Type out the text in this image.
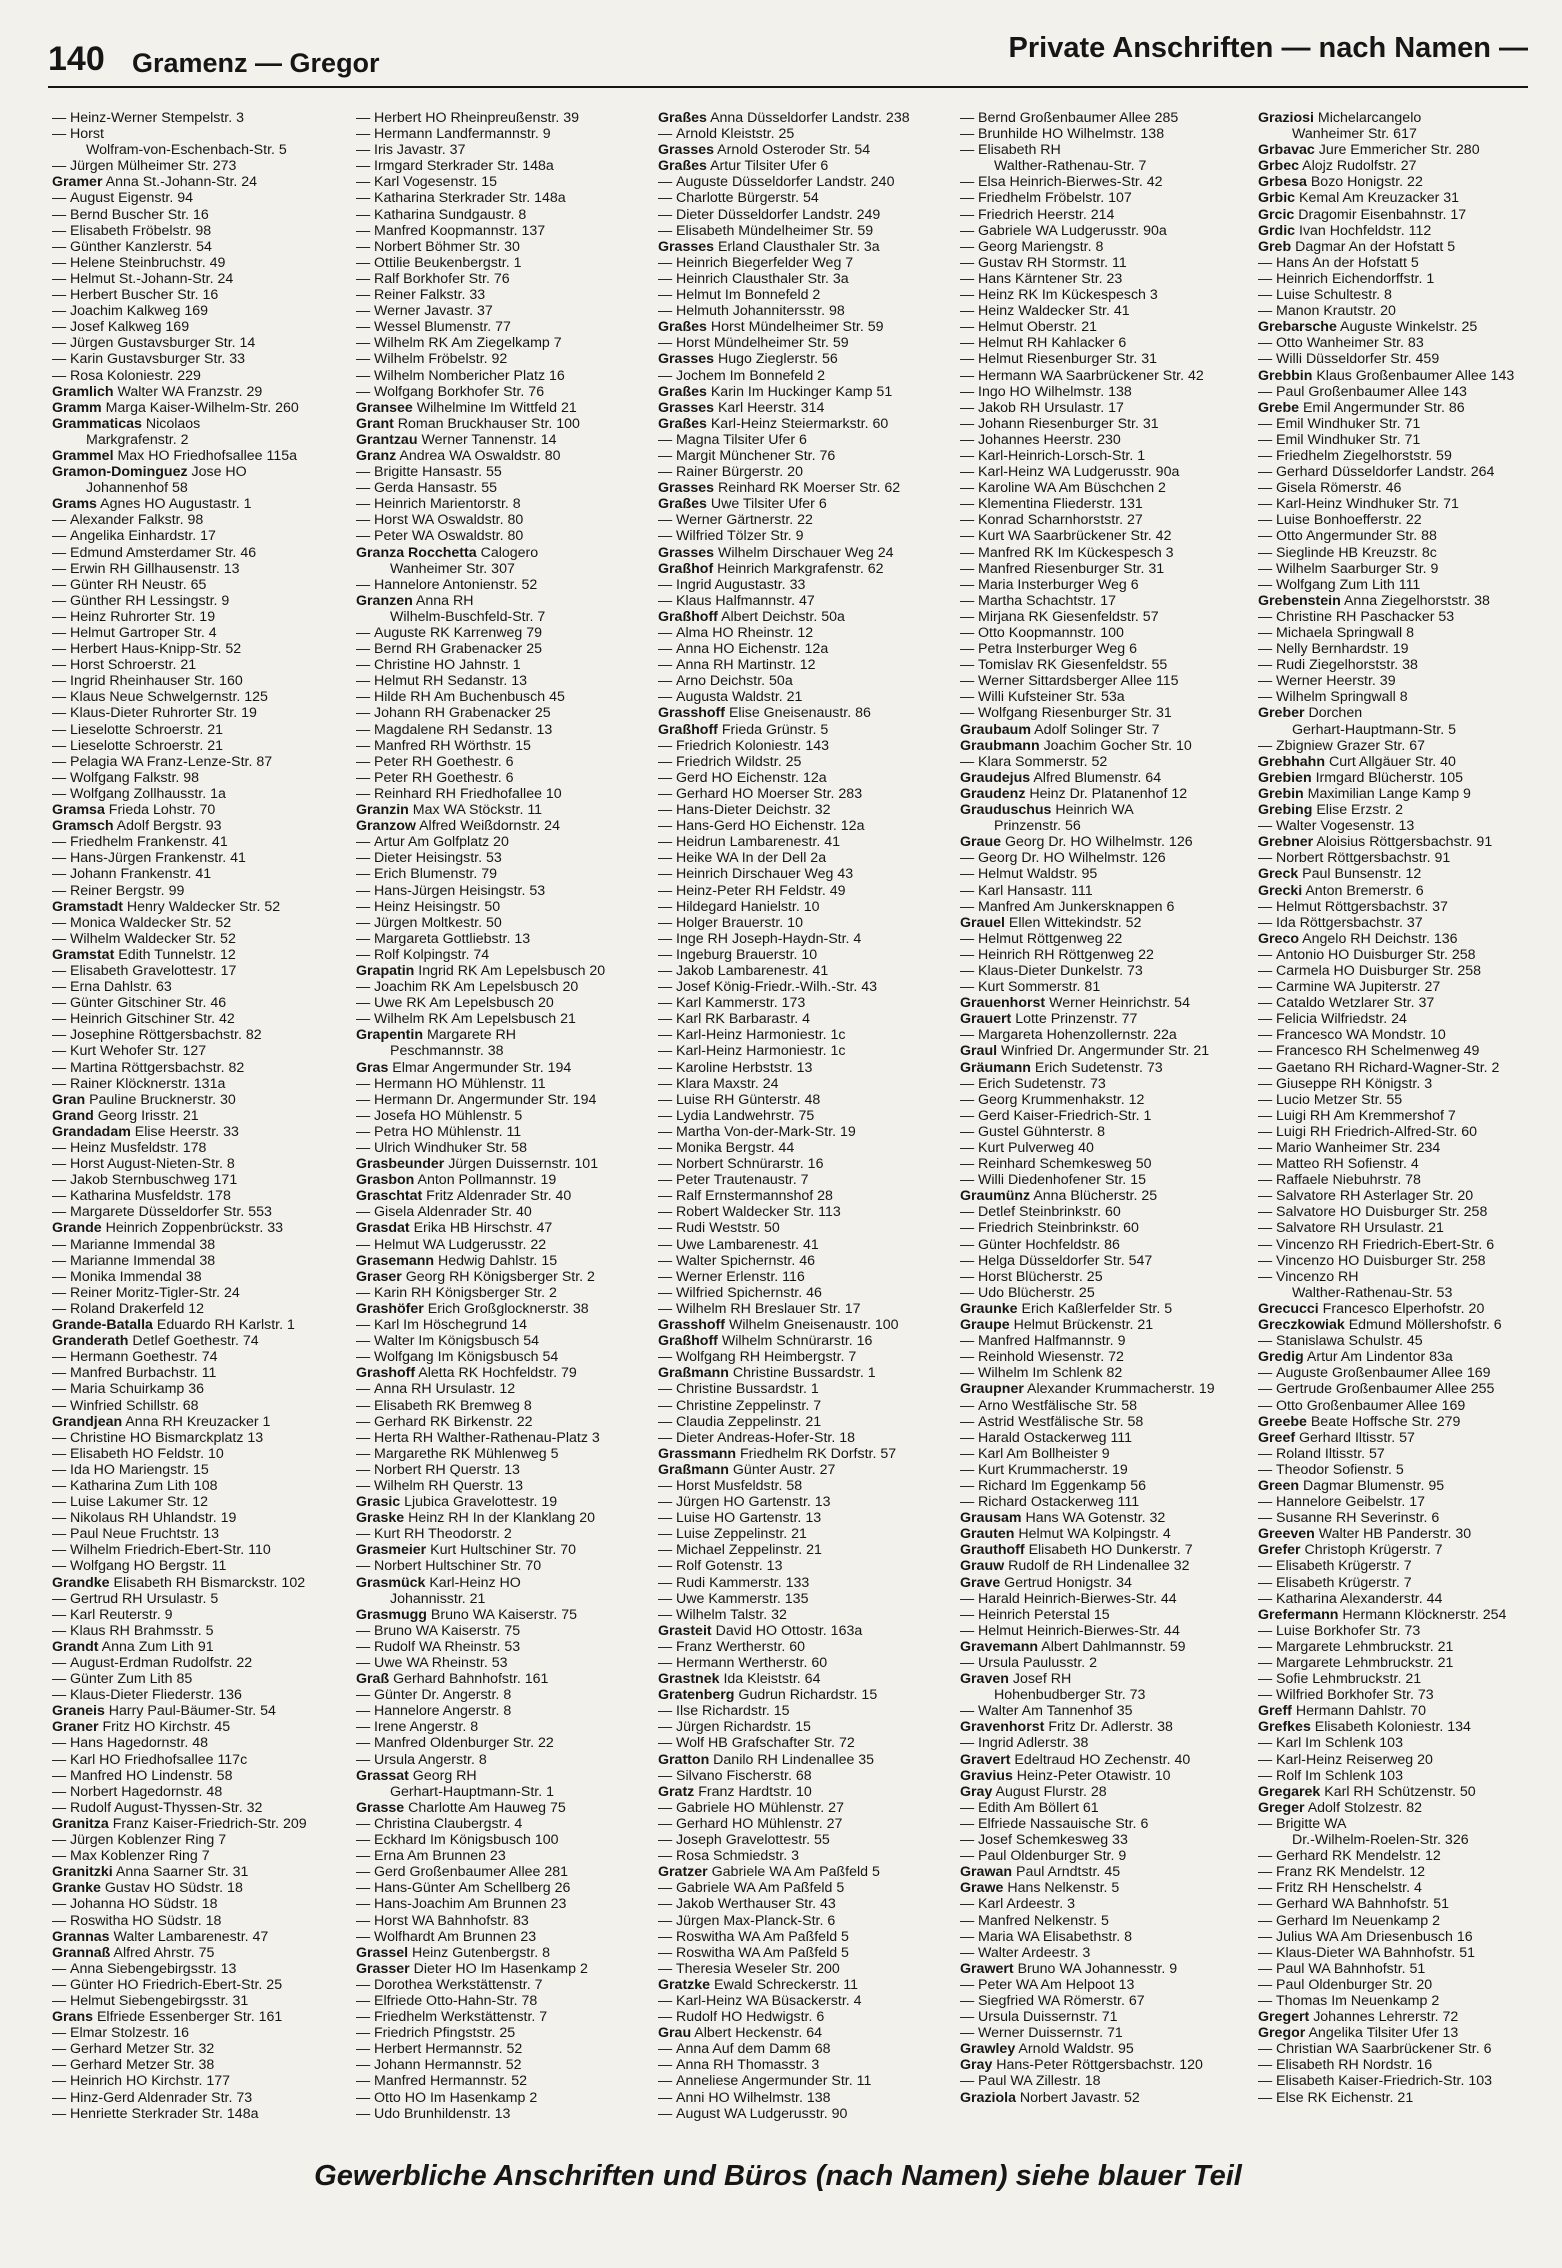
140 Gramenz — Gregor	Private Anschriften — nach Namen —
— Heinz-Werner Stempelstr. 3
— Horst
Wolfram-von-Eschenbach-Str. 5
— Jürgen Mülheimer Str. 273
Gramer Anna St.-Johann-Str. 24
— August Eigenstr. 94
— Bernd Buscher Str. 16
— Elisabeth Fröbelstr. 98
— Günther Kanzlerstr. 54
— Helene Steinbruchstr. 49
— Helmut St.-Johann-Str. 24
— Herbert Buscher Str. 16
— Joachim Kalkweg 169
— Josef Kalkweg 169
— Jürgen Gustavsburger Str. 14
— Karin Gustavsburger Str. 33
— Rosa Koloniestr. 229
Gramlich Walter WA Franzstr. 29
Gramm Marga Kaiser-Wilhelm-Str. 260
Grammaticas Nicolaos
Markgrafenstr. 2
Grammel Max HO Friedhofsallee 115a
Gramon-Dominguez Jose HO
Johannenhof 58
Grams Agnes HO Augustastr. 1
— Alexander Falkstr. 98
— Angelika Einhardstr. 17
— Edmund Amsterdamer Str. 46
— Erwin RH Gillhausenstr. 13
— Günter RH Neustr. 65
— Günther RH Lessingstr. 9
— Heinz Ruhrorter Str. 19
— Helmut Gartroper Str. 4
— Herbert Haus-Knipp-Str. 52
— Horst Schroerstr. 21
— Ingrid Rheinhauser Str. 160
— Klaus Neue Schwelgernstr. 125
— Klaus-Dieter Ruhrorter Str. 19
— Lieselotte Schroerstr. 21
— Lieselotte Schroerstr. 21
— Pelagia WA Franz-Lenze-Str. 87
— Wolfgang Falkstr. 98
— Wolfgang Zollhausstr. 1a
Gramsa Frieda Lohstr. 70
Gramsch Adolf Bergstr. 93
— Friedhelm Frankenstr. 41
— Hans-Jürgen Frankenstr. 41
— Johann Frankenstr. 41
— Reiner Bergstr. 99
Gramstadt Henry Waldecker Str. 52
— Monica Waldecker Str. 52
— Wilhelm Waldecker Str. 52
Gramstat Edith Tunnelstr. 12
— Elisabeth Gravelottestr. 17
— Erna Dahlstr. 63
— Günter Gitschiner Str. 46
— Heinrich Gitschiner Str. 42
— Josephine Röttgersbachstr. 82
— Kurt Wehofer Str. 127
— Martina Röttgersbachstr. 82
— Rainer Klöcknerstr. 131a
Gran Pauline Brucknerstr. 30
Grand Georg Irisstr. 21
Grandadam Elise Heerstr. 33
— Heinz Musfeldstr. 178
— Horst August-Nieten-Str. 8
— Jakob Sternbuschweg 171
— Katharina Musfeldstr. 178
— Margarete Düsseldorfer Str. 553
Grande Heinrich Zoppenbrückstr. 33
— Marianne Immendal 38
— Marianne Immendal 38
— Monika Immendal 38
— Reiner Moritz-Tigler-Str. 24
— Roland Drakerfeld 12
Grande-Batalla Eduardo RH Karlstr. 1
Granderath Detlef Goethestr. 74
— Hermann Goethestr. 74
— Manfred Burbachstr. 11
— Maria Schuirkamp 36
— Winfried Schillstr. 68
Grandjean Anna RH Kreuzacker 1
— Christine HO Bismarckplatz 13
— Elisabeth HO Feldstr. 10
— Ida HO Mariengstr. 15
— Katharina Zum Lith 108
— Luise Lakumer Str. 12
— Nikolaus RH Uhlandstr. 19
— Paul Neue Fruchtstr. 13
— Wilhelm Friedrich-Ebert-Str. 110
— Wolfgang HO Bergstr. 11
Grandke Elisabeth RH Bismarckstr. 102
— Gertrud RH Ursulastr. 5
— Karl Reuterstr. 9
— Klaus RH Brahmsstr. 5
Grandt Anna Zum Lith 91
— August-Erdman Rudolfstr. 22
— Günter Zum Lith 85
— Klaus-Dieter Fliederstr. 136
Graneis Harry Paul-Bäumer-Str. 54
Graner Fritz HO Kirchstr. 45
— Hans Hagedornstr. 48
— Karl HO Friedhofsallee 117c
— Manfred HO Lindenstr. 58
— Norbert Hagedornstr. 48
— Rudolf August-Thyssen-Str. 32
Granitza Franz Kaiser-Friedrich-Str. 209
— Jürgen Koblenzer Ring 7
— Max Koblenzer Ring 7
Granitzki Anna Saarner Str. 31
Granke Gustav HO Südstr. 18
— Johanna HO Südstr. 18
— Roswitha HO Südstr. 18
Grannas Walter Lambarenestr. 47
Grannaß Alfred Ahrstr. 75
— Anna Siebengebirgsstr. 13
— Günter HO Friedrich-Ebert-Str. 25
— Helmut Siebengebirgsstr. 31
Grans Elfriede Essenberger Str. 161
— Elmar Stolzestr. 16
— Gerhard Metzer Str. 32
— Gerhard Metzer Str. 38
— Heinrich HO Kirchstr. 177
— Hinz-Gerd Aldenrader Str. 73
— Henriette Sterkrader Str. 148a
— Herbert HO Rheinpreußenstr. 39
— Hermann Landfermannstr. 9
— Iris Javastr. 37
— Irmgard Sterkrader Str. 148a
— Karl Vogesenstr. 15
— Katharina Sterkrader Str. 148a
— Katharina Sundgaustr. 8
— Manfred Koopmannstr. 137
— Norbert Böhmer Str. 30
— Ottilie Beukenbergstr. 1
— Ralf Borkhofer Str. 76
— Reiner Falkstr. 33
— Werner Javastr. 37
— Wessel Blumenstr. 77
— Wilhelm RK Am Ziegelkamp 7
— Wilhelm Fröbelstr. 92
— Wilhelm Nombericher Platz 16
— Wolfgang Borkhofer Str. 76
Gransee Wilhelmine Im Wittfeld 21
Grant Roman Bruckhauser Str. 100
Grantzau Werner Tannenstr. 14
Granz Andrea WA Oswaldstr. 80
— Brigitte Hansastr. 55
— Gerda Hansastr. 55
— Heinrich Marientorstr. 8
— Horst WA Oswaldstr. 80
— Peter WA Oswaldstr. 80
Granza Rocchetta Calogero
Wanheimer Str. 307
— Hannelore Antonienstr. 52
Granzen Anna RH
Wilhelm-Buschfeld-Str. 7
— Auguste RK Karrenweg 79
— Bernd RH Grabenacker 25
— Christine HO Jahnstr. 1
— Helmut RH Sedanstr. 13
— Hilde RH Am Buchenbusch 45
— Johann RH Grabenacker 25
— Magdalene RH Sedanstr. 13
— Manfred RH Wörthstr. 15
— Peter RH Goethestr. 6
— Peter RH Goethestr. 6
— Reinhard RH Friedhofallee 10
Granzin Max WA Stöckstr. 11
Granzow Alfred Weißdornstr. 24
— Artur Am Golfplatz 20
— Dieter Heisingstr. 53
— Erich Blumenstr. 79
— Hans-Jürgen Heisingstr. 53
— Heinz Heisingstr. 50
— Jürgen Moltkestr. 50
— Margareta Gottliebstr. 13
— Rolf Kolpingstr. 74
Grapatin Ingrid RK Am Lepelsbusch 20
— Joachim RK Am Lepelsbusch 20
— Uwe RK Am Lepelsbusch 20
— Wilhelm RK Am Lepelsbusch 21
Grapentin Margarete RH
Peschmannstr. 38
Gras Elmar Angermunder Str. 194
— Hermann HO Mühlenstr. 11
— Hermann Dr. Angermunder Str. 194
— Josefa HO Mühlenstr. 5
— Petra HO Mühlenstr. 11
— Ulrich Windhuker Str. 58
Grasbeunder Jürgen Duissernstr. 101
Grasbon Anton Pollmannstr. 19
Graschtat Fritz Aldenrader Str. 40
— Gisela Aldenrader Str. 40
Grasdat Erika HB Hirschstr. 47
— Helmut WA Ludgerusstr. 22
Grasemann Hedwig Dahlstr. 15
Graser Georg RH Königsberger Str. 2
— Karin RH Königsberger Str. 2
Grashöfer Erich Großglocknerstr. 38
— Karl Im Höschegrund 14
— Walter Im Königsbusch 54
— Wolfgang Im Königsbusch 54
Grashoff Aletta RK Hochfeldstr. 79
— Anna RH Ursulastr. 12
— Elisabeth RK Bremweg 8
— Gerhard RK Birkenstr. 22
— Herta RH Walther-Rathenau-Platz 3
— Margarethe RK Mühlenweg 5
— Norbert RH Querstr. 13
— Wilhelm RH Querstr. 13
Grasic Ljubica Gravelottestr. 19
Graske Heinz RH In der Klanklang 20
— Kurt RH Theodorstr. 2
Grasmeier Kurt Hultschiner Str. 70
— Norbert Hultschiner Str. 70
Grasmück Karl-Heinz HO
Johannisstr. 21
Grasmugg Bruno WA Kaiserstr. 75
— Bruno WA Kaiserstr. 75
— Rudolf WA Rheinstr. 53
— Uwe WA Rheinstr. 53
Graß Gerhard Bahnhofstr. 161
— Günter Dr. Angerstr. 8
— Hannelore Angerstr. 8
— Irene Angerstr. 8
— Manfred Oldenburger Str. 22
— Ursula Angerstr. 8
Grassat Georg RH
Gerhart-Hauptmann-Str. 1
Grasse Charlotte Am Hauweg 75
— Christina Claubergstr. 4
— Eckhard Im Königsbusch 100
— Erna Am Brunnen 23
— Gerd Großenbaumer Allee 281
— Hans-Günter Am Schellberg 26
— Hans-Joachim Am Brunnen 23
— Horst WA Bahnhofstr. 83
— Wolfhardt Am Brunnen 23
Grassel Heinz Gutenbergstr. 8
Grasser Dieter HO Im Hasenkamp 2
— Dorothea Werkstättenstr. 7
— Elfriede Otto-Hahn-Str. 78
— Friedhelm Werkstättenstr. 7
— Friedrich Pfingststr. 25
— Herbert Hermannstr. 52
— Johann Hermannstr. 52
— Manfred Hermannstr. 52
— Otto HO Im Hasenkamp 2
— Udo Brunhildenstr. 13
Graßes Anna Düsseldorfer Landstr. 238
— Arnold Kleiststr. 25
Grasses Arnold Osteroder Str. 54
Graßes Artur Tilsiter Ufer 6
— Auguste Düsseldorfer Landstr. 240
— Charlotte Bürgerstr. 54
— Dieter Düsseldorfer Landstr. 249
— Elisabeth Mündelheimer Str. 59
Grasses Erland Clausthaler Str. 3a
— Heinrich Biegerfelder Weg 7
— Heinrich Clausthaler Str. 3a
— Helmut Im Bonnefeld 2
— Helmuth Johannitersstr. 98
Graßes Horst Mündelheimer Str. 59
— Horst Mündelheimer Str. 59
Grasses Hugo Zieglerstr. 56
— Jochem Im Bonnefeld 2
Graßes Karin Im Huckinger Kamp 51
Grasses Karl Heerstr. 314
Graßes Karl-Heinz Steiermarkstr. 60
— Magna Tilsiter Ufer 6
— Margit Münchener Str. 76
— Rainer Bürgerstr. 20
Grasses Reinhard RK Moerser Str. 62
Graßes Uwe Tilsiter Ufer 6
— Werner Gärtnerstr. 22
— Wilfried Tölzer Str. 9
Grasses Wilhelm Dirschauer Weg 24
Graßhof Heinrich Markgrafenstr. 62
— Ingrid Augustastr. 33
— Klaus Halfmannstr. 47
Graßhoff Albert Deichstr. 50a
— Alma HO Rheinstr. 12
— Anna HO Eichenstr. 12a
— Anna RH Martinstr. 12
— Arno Deichstr. 50a
— Augusta Waldstr. 21
Grasshoff Elise Gneisenaustr. 86
Graßhoff Frieda Grünstr. 5
— Friedrich Koloniestr. 143
— Friedrich Wildstr. 25
— Gerd HO Eichenstr. 12a
— Gerhard HO Moerser Str. 283
— Hans-Dieter Deichstr. 32
— Hans-Gerd HO Eichenstr. 12a
— Heidrun Lambarenestr. 41
— Heike WA In der Dell 2a
— Heinrich Dirschauer Weg 43
— Heinz-Peter RH Feldstr. 49
— Hildegard Hanielstr. 10
— Holger Brauerstr. 10
— Inge RH Joseph-Haydn-Str. 4
— Ingeburg Brauerstr. 10
— Jakob Lambarenestr. 41
— Josef König-Friedr.-Wilh.-Str. 43
— Karl Kammerstr. 173
— Karl RK Barbarastr. 4
— Karl-Heinz Harmoniestr. 1c
— Karl-Heinz Harmoniestr. 1c
— Karoline Herbststr. 13
— Klara Maxstr. 24
— Luise RH Günterstr. 48
— Lydia Landwehrstr. 75
— Martha Von-der-Mark-Str. 19
— Monika Bergstr. 44
— Norbert Schnürarstr. 16
— Peter Trautenaustr. 7
— Ralf Ernstermannshof 28
— Robert Waldecker Str. 113
— Rudi Weststr. 50
— Uwe Lambarenestr. 41
— Walter Spichernstr. 46
— Werner Erlenstr. 116
— Wilfried Spichernstr. 46
— Wilhelm RH Breslauer Str. 17
Grasshoff Wilhelm Gneisenaustr. 100
Graßhoff Wilhelm Schnürarstr. 16
— Wolfgang RH Heimbergstr. 7
Graßmann Christine Bussardstr. 1
— Christine Bussardstr. 1
— Christine Zeppelinstr. 7
— Claudia Zeppelinstr. 21
— Dieter Andreas-Hofer-Str. 18
Grassmann Friedhelm RK Dorfstr. 57
Graßmann Günter Austr. 27
— Horst Musfeldstr. 58
— Jürgen HO Gartenstr. 13
— Luise HO Gartenstr. 13
— Luise Zeppelinstr. 21
— Michael Zeppelinstr. 21
— Rolf Gotenstr. 13
— Rudi Kammerstr. 133
— Uwe Kammerstr. 135
— Wilhelm Talstr. 32
Grasteit David HO Ottostr. 163a
— Franz Wertherstr. 60
— Hermann Wertherstr. 60
Grastnek Ida Kleiststr. 64
Gratenberg Gudrun Richardstr. 15
— Ilse Richardstr. 15
— Jürgen Richardstr. 15
— Wolf HB Grafschafter Str. 72
Gratton Danilo RH Lindenallee 35
— Silvano Fischerstr. 68
Gratz Franz Hardtstr. 10
— Gabriele HO Mühlenstr. 27
— Gerhard HO Mühlenstr. 27
— Joseph Gravelottestr. 55
— Rosa Schmiedstr. 3
Gratzer Gabriele WA Am Paßfeld 5
— Gabriele WA Am Paßfeld 5
— Jakob Werthauser Str. 43
— Jürgen Max-Planck-Str. 6
— Roswitha WA Am Paßfeld 5
— Roswitha WA Am Paßfeld 5
— Theresia Weseler Str. 200
Gratzke Ewald Schreckerstr. 11
— Karl-Heinz WA Büsackerstr. 4
— Rudolf HO Hedwigstr. 6
Grau Albert Heckenstr. 64
— Anna Auf dem Damm 68
— Anna RH Thomasstr. 3
— Anneliese Angermunder Str. 11
— Anni HO Wilhelmstr. 138
— August WA Ludgerusstr. 90
— Bernd Großenbaumer Allee 285
— Brunhilde HO Wilhelmstr. 138
— Elisabeth RH
Walther-Rathenau-Str. 7
— Elsa Heinrich-Bierwes-Str. 42
— Friedhelm Fröbelstr. 107
— Friedrich Heerstr. 214
— Gabriele WA Ludgerusstr. 90a
— Georg Mariengstr. 8
— Gustav RH Stormstr. 11
— Hans Kärntener Str. 23
— Heinz RK Im Kückespesch 3
— Heinz Waldecker Str. 41
— Helmut Oberstr. 21
— Helmut RH Kahlacker 6
— Helmut Riesenburger Str. 31
— Hermann WA Saarbrückener Str. 42
— Ingo HO Wilhelmstr. 138
— Jakob RH Ursulastr. 17
— Johann Riesenburger Str. 31
— Johannes Heerstr. 230
— Karl-Heinrich-Lorsch-Str. 1
— Karl-Heinz WA Ludgerusstr. 90a
— Karoline WA Am Büschchen 2
— Klementina Fliederstr. 131
— Konrad Scharnhorststr. 27
— Kurt WA Saarbrückener Str. 42
— Manfred RK Im Kückespesch 3
— Manfred Riesenburger Str. 31
— Maria Insterburger Weg 6
— Martha Schachtstr. 17
— Mirjana RK Giesenfeldstr. 57
— Otto Koopmannstr. 100
— Petra Insterburger Weg 6
— Tomislav RK Giesenfeldstr. 55
— Werner Sittardsberger Allee 115
— Willi Kufsteiner Str. 53a
— Wolfgang Riesenburger Str. 31
Graubaum Adolf Solinger Str. 7
Graubmann Joachim Gocher Str. 10
— Klara Sommerstr. 52
Graudejus Alfred Blumenstr. 64
Graudenz Heinz Dr. Platanenhof 12
Grauduschus Heinrich WA
Prinzenstr. 56
Graue Georg Dr. HO Wilhelmstr. 126
— Georg Dr. HO Wilhelmstr. 126
— Helmut Waldstr. 95
— Karl Hansastr. 111
— Manfred Am Junkersknappen 6
Grauel Ellen Wittekindstr. 52
— Helmut Röttgenweg 22
— Heinrich RH Röttgenweg 22
— Klaus-Dieter Dunkelstr. 73
— Kurt Sommerstr. 81
Grauenhorst Werner Heinrichstr. 54
Grauert Lotte Prinzenstr. 77
— Margareta Hohenzollernstr. 22a
Graul Winfried Dr. Angermunder Str. 21
Gräumann Erich Sudetenstr. 73
— Erich Sudetenstr. 73
— Georg Krummenhakstr. 12
— Gerd Kaiser-Friedrich-Str. 1
— Gustel Gühnterstr. 8
— Kurt Pulverweg 40
— Reinhard Schemkesweg 50
— Willi Diedenhofener Str. 15
Graumünz Anna Blücherstr. 25
— Detlef Steinbrinkstr. 60
— Friedrich Steinbrinkstr. 60
— Günter Hochfeldstr. 86
— Helga Düsseldorfer Str. 547
— Horst Blücherstr. 25
— Udo Blücherstr. 25
Graunke Erich Kaßlerfelder Str. 5
Graupe Helmut Brückenstr. 21
— Manfred Halfmannstr. 9
— Reinhold Wiesenstr. 72
— Wilhelm Im Schlenk 82
Graupner Alexander Krummacherstr. 19
— Arno Westfälische Str. 58
— Astrid Westfälische Str. 58
— Harald Ostackerweg 111
— Karl Am Bollheister 9
— Kurt Krummacherstr. 19
— Richard Im Eggenkamp 56
— Richard Ostackerweg 111
Grausam Hans WA Gotenstr. 32
Grauten Helmut WA Kolpingstr. 4
Grauthoff Elisabeth HO Dunkerstr. 7
Grauw Rudolf de RH Lindenallee 32
Grave Gertrud Honigstr. 34
— Harald Heinrich-Bierwes-Str. 44
— Heinrich Peterstal 15
— Helmut Heinrich-Bierwes-Str. 44
Gravemann Albert Dahlmannstr. 59
— Ursula Paulusstr. 2
Graven Josef RH
Hohenbudberger Str. 73
— Walter Am Tannenhof 35
Gravenhorst Fritz Dr. Adlerstr. 38
— Ingrid Adlerstr. 38
Gravert Edeltraud HO Zechenstr. 40
Gravius Heinz-Peter Otawistr. 10
Gray August Flurstr. 28
— Edith Am Böllert 61
— Elfriede Nassauische Str. 6
— Josef Schemkesweg 33
— Paul Oldenburger Str. 9
Grawan Paul Arndtstr. 45
Grawe Hans Nelkenstr. 5
— Karl Ardeestr. 3
— Manfred Nelkenstr. 5
— Maria WA Elisabethstr. 8
— Walter Ardeestr. 3
Grawert Bruno WA Johannesstr. 9
— Peter WA Am Helpoot 13
— Siegfried WA Römerstr. 67
— Ursula Duissernstr. 71
— Werner Duissernstr. 71
Grawley Arnold Waldstr. 95
Gray Hans-Peter Röttgersbachstr. 120
— Paul WA Zillestr. 18
Graziola Norbert Javastr. 52
Graziosi Michelarcangelo
Wanheimer Str. 617
Grbavac Jure Emmericher Str. 280
Grbec Alojz Rudolfstr. 27
Grbesa Bozo Honigstr. 22
Grbic Kemal Am Kreuzacker 31
Grcic Dragomir Eisenbahnstr. 17
Grdic Ivan Hochfeldstr. 112
Greb Dagmar An der Hofstatt 5
— Hans An der Hofstatt 5
— Heinrich Eichendorffstr. 1
— Luise Schultestr. 8
— Manon Krautstr. 20
Grebarsche Auguste Winkelstr. 25
— Otto Wanheimer Str. 83
— Willi Düsseldorfer Str. 459
Grebbin Klaus Großenbaumer Allee 143
— Paul Großenbaumer Allee 143
Grebe Emil Angermunder Str. 86
— Emil Windhuker Str. 71
— Emil Windhuker Str. 71
— Friedhelm Ziegelhorststr. 59
— Gerhard Düsseldorfer Landstr. 264
— Gisela Römerstr. 46
— Karl-Heinz Windhuker Str. 71
— Luise Bonhoefferstr. 22
— Otto Angermunder Str. 88
— Sieglinde HB Kreuzstr. 8c
— Wilhelm Saarburger Str. 9
— Wolfgang Zum Lith 111
Grebenstein Anna Ziegelhorststr. 38
— Christine RH Paschacker 53
— Michaela Springwall 8
— Nelly Bernhardstr. 19
— Rudi Ziegelhorststr. 38
— Werner Heerstr. 39
— Wilhelm Springwall 8
Greber Dorchen
Gerhart-Hauptmann-Str. 5
— Zbigniew Grazer Str. 67
Grebhahn Curt Allgäuer Str. 40
Grebien Irmgard Blücherstr. 105
Grebin Maximilian Lange Kamp 9
Grebing Elise Erzstr. 2
— Walter Vogesenstr. 13
Grebner Aloisius Röttgersbachstr. 91
— Norbert Röttgersbachstr. 91
Greck Paul Bunsenstr. 12
Grecki Anton Bremerstr. 6
— Helmut Röttgersbachstr. 37
— Ida Röttgersbachstr. 37
Greco Angelo RH Deichstr. 136
— Antonio HO Duisburger Str. 258
— Carmela HO Duisburger Str. 258
— Carmine WA Jupiterstr. 27
— Cataldo Wetzlarer Str. 37
— Felicia Wilfriedstr. 24
— Francesco WA Mondstr. 10
— Francesco RH Schelmenweg 49
— Gaetano RH Richard-Wagner-Str. 2
— Giuseppe RH Königstr. 3
— Lucio Metzer Str. 55
— Luigi RH Am Kremmershof 7
— Luigi RH Friedrich-Alfred-Str. 60
— Mario Wanheimer Str. 234
— Matteo RH Sofienstr. 4
— Raffaele Niebuhrstr. 78
— Salvatore RH Asterlager Str. 20
— Salvatore HO Duisburger Str. 258
— Salvatore RH Ursulastr. 21
— Vincenzo RH Friedrich-Ebert-Str. 6
— Vincenzo HO Duisburger Str. 258
— Vincenzo RH
Walther-Rathenau-Str. 53
Grecucci Francesco Elperhofstr. 20
Greczkowiak Edmund Möllershofstr. 6
— Stanislawa Schulstr. 45
Gredig Artur Am Lindentor 83a
— Auguste Großenbaumer Allee 169
— Gertrude Großenbaumer Allee 255
— Otto Großenbaumer Allee 169
Greebe Beate Hoffsche Str. 279
Greef Gerhard Iltisstr. 57
— Roland Iltisstr. 57
— Theodor Sofienstr. 5
Green Dagmar Blumenstr. 95
— Hannelore Geibelstr. 17
— Susanne RH Severinstr. 6
Greeven Walter HB Panderstr. 30
Grefer Christoph Krügerstr. 7
— Elisabeth Krügerstr. 7
— Elisabeth Krügerstr. 7
— Katharina Alexanderstr. 44
Grefermann Hermann Klöcknerstr. 254
— Luise Borkhofer Str. 73
— Margarete Lehmbruckstr. 21
— Margarete Lehmbruckstr. 21
— Sofie Lehmbruckstr. 21
— Wilfried Borkhofer Str. 73
Greff Hermann Dahlstr. 70
Grefkes Elisabeth Koloniestr. 134
— Karl Im Schlenk 103
— Karl-Heinz Reiserweg 20
— Rolf Im Schlenk 103
Gregarek Karl RH Schützenstr. 50
Greger Adolf Stolzestr. 82
— Brigitte WA
Dr.-Wilhelm-Roelen-Str. 326
— Gerhard RK Mendelstr. 12
— Franz RK Mendelstr. 12
— Fritz RH Henschelstr. 4
— Gerhard WA Bahnhofstr. 51
— Gerhard Im Neuenkamp 2
— Julius WA Am Driesenbusch 16
— Klaus-Dieter WA Bahnhofstr. 51
— Paul WA Bahnhofstr. 51
— Paul Oldenburger Str. 20
— Thomas Im Neuenkamp 2
Gregert Johannes Lehrerstr. 72
Gregor Angelika Tilsiter Ufer 13
— Christian WA Saarbrückener Str. 6
— Elisabeth RH Nordstr. 16
— Elisabeth Kaiser-Friedrich-Str. 103
— Else RK Eichenstr. 21
Gewerbliche Anschriften und Büros (nach Namen) siehe blauer Teil
